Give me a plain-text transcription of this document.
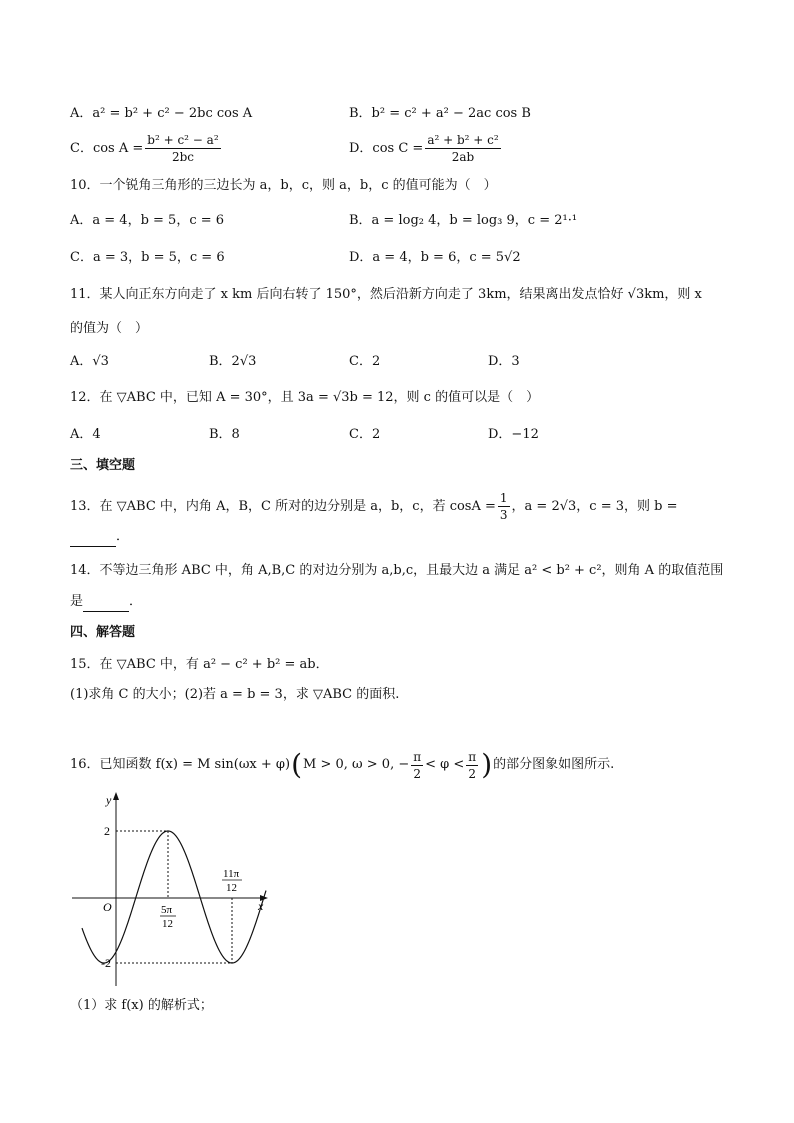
A．a² = b² + c² − 2bc cos A	B．b² = c² + a² − 2ac cos B
C．$\cos A = \frac{\text{b² + c² − a²}}{2bc}$	D．$\cos C = \frac{\text{a² + b² + c²}}{2ab}$
10．一个锐角三角形的三边长为 a，b，c，则 a，b，c 的值可能为（　）
A．a = 4，b = 5，c = 6	B．a = log₂ 4，b = log₃ 9，c = 2¹·¹
C．a = 3，b = 5，c = 6	D．a = 4，b = 6，c = 5√2
11．某人向正东方向走了 x km 后向右转了 150°，然后沿新方向走了 3km，结果离出发点恰好 √3km，则 x
的值为（　）
A．√3	B．2√3	C．2	D．3
12．在 ▽ABC 中，已知 A = 30°，且 3a = √3b = 12，则 c 的值可以是（　）
A．4	B．8	C．2	D．−12
三、填空题
13．在 ▽ABC 中，内角 A，B，C 所对的边分别是 a，b，c，若 $\cos A = \frac{1}{3}$ ，a = 2√3，c = 3，则 b =
．
14．不等边三角形 ABC 中，角 A,B,C 的对边分别为 a,b,c，且最大边 a 满足 a² < b² + c²，则角 A 的取值范围
是	．
四、解答题
15．在 ▽ABC 中，有 a² − c² + b² = ab．
(1)求角 C 的大小；(2)若 a = b = 3，求 ▽ABC 的面积.
16．已知函数 f(x) = M sin(ωx + φ) ( M > 0, ω > 0, − $\frac{\pi}{2} < \varphi < \frac{\pi}{2}$ ) 的部分图象如图所示.
y
x
O
2
-2
5π
12
11π
12
（1）求 f(x) 的解析式；
